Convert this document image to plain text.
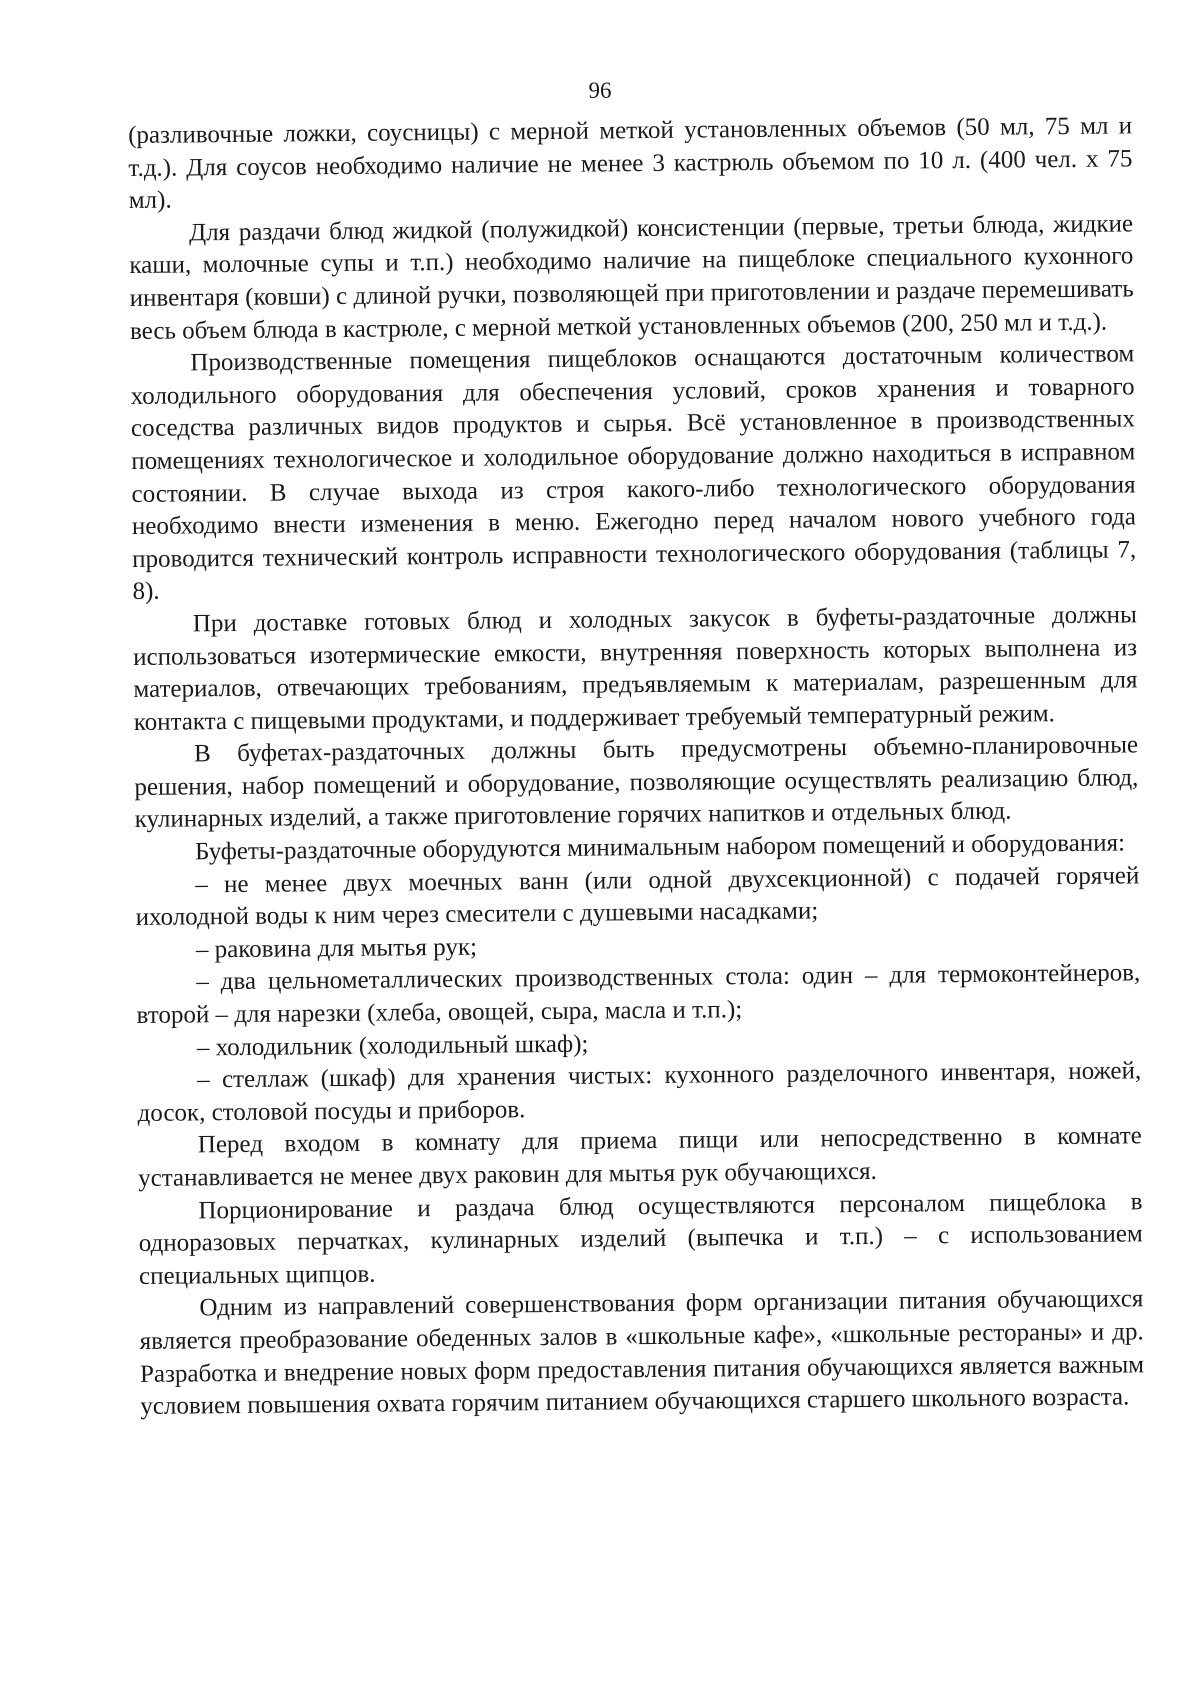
96

(разливочные ложки, соусницы) с мерной меткой установленных объемов (50 мл, 75 мл и т.д.). Для соусов необходимо наличие не менее 3 кастрюль объемом по 10 л. (400 чел. х 75 мл).

Для раздачи блюд жидкой (полужидкой) консистенции (первые, третьи блюда, жидкие каши, молочные супы и т.п.) необходимо наличие на пищеблоке специального кухонного инвентаря (ковши) с длиной ручки, позволяющей при приготовлении и раздаче перемешивать весь объем блюда в кастрюле, с мерной меткой установленных объемов (200, 250 мл и т.д.).

Производственные помещения пищеблоков оснащаются достаточным количеством холодильного оборудования для обеспечения условий, сроков хранения и товарного соседства различных видов продуктов и сырья. Всё установленное в производственных помещениях технологическое и холодильное оборудование должно находиться в исправном состоянии. В случае выхода из строя какого-либо технологического оборудования необходимо внести изменения в меню. Ежегодно перед началом нового учебного года проводится технический контроль исправности технологического оборудования (таблицы 7, 8).

При доставке готовых блюд и холодных закусок в буфеты-раздаточные должны использоваться изотермические емкости, внутренняя поверхность которых выполнена из материалов, отвечающих требованиям, предъявляемым к материалам, разрешенным для контакта с пищевыми продуктами, и поддерживает требуемый температурный режим.

В буфетах-раздаточных должны быть предусмотрены объемно-планировочные решения, набор помещений и оборудование, позволяющие осуществлять реализацию блюд, кулинарных изделий, а также приготовление горячих напитков и отдельных блюд.

Буфеты-раздаточные оборудуются минимальным набором помещений и оборудования:

– не менее двух моечных ванн (или одной двухсекционной) с подачей горячей ихолодной воды к ним через смесители с душевыми насадками;

– раковина для мытья рук;

– два цельнометаллических производственных стола: один – для термоконтейнеров, второй – для нарезки (хлеба, овощей, сыра, масла и т.п.);

– холодильник (холодильный шкаф);

– стеллаж (шкаф) для хранения чистых: кухонного разделочного инвентаря, ножей, досок, столовой посуды и приборов.

Перед входом в комнату для приема пищи или непосредственно в комнате устанавливается не менее двух раковин для мытья рук обучающихся.

Порционирование и раздача блюд осуществляются персоналом пищеблока в одноразовых перчатках, кулинарных изделий (выпечка и т.п.) – с использованием специальных щипцов.

Одним из направлений совершенствования форм организации питания обучающихся является преобразование обеденных залов в «школьные кафе», «школьные рестораны» и др. Разработка и внедрение новых форм предоставления питания обучающихся является важным условием повышения охвата горячим питанием обучающихся старшего школьного возраста.
